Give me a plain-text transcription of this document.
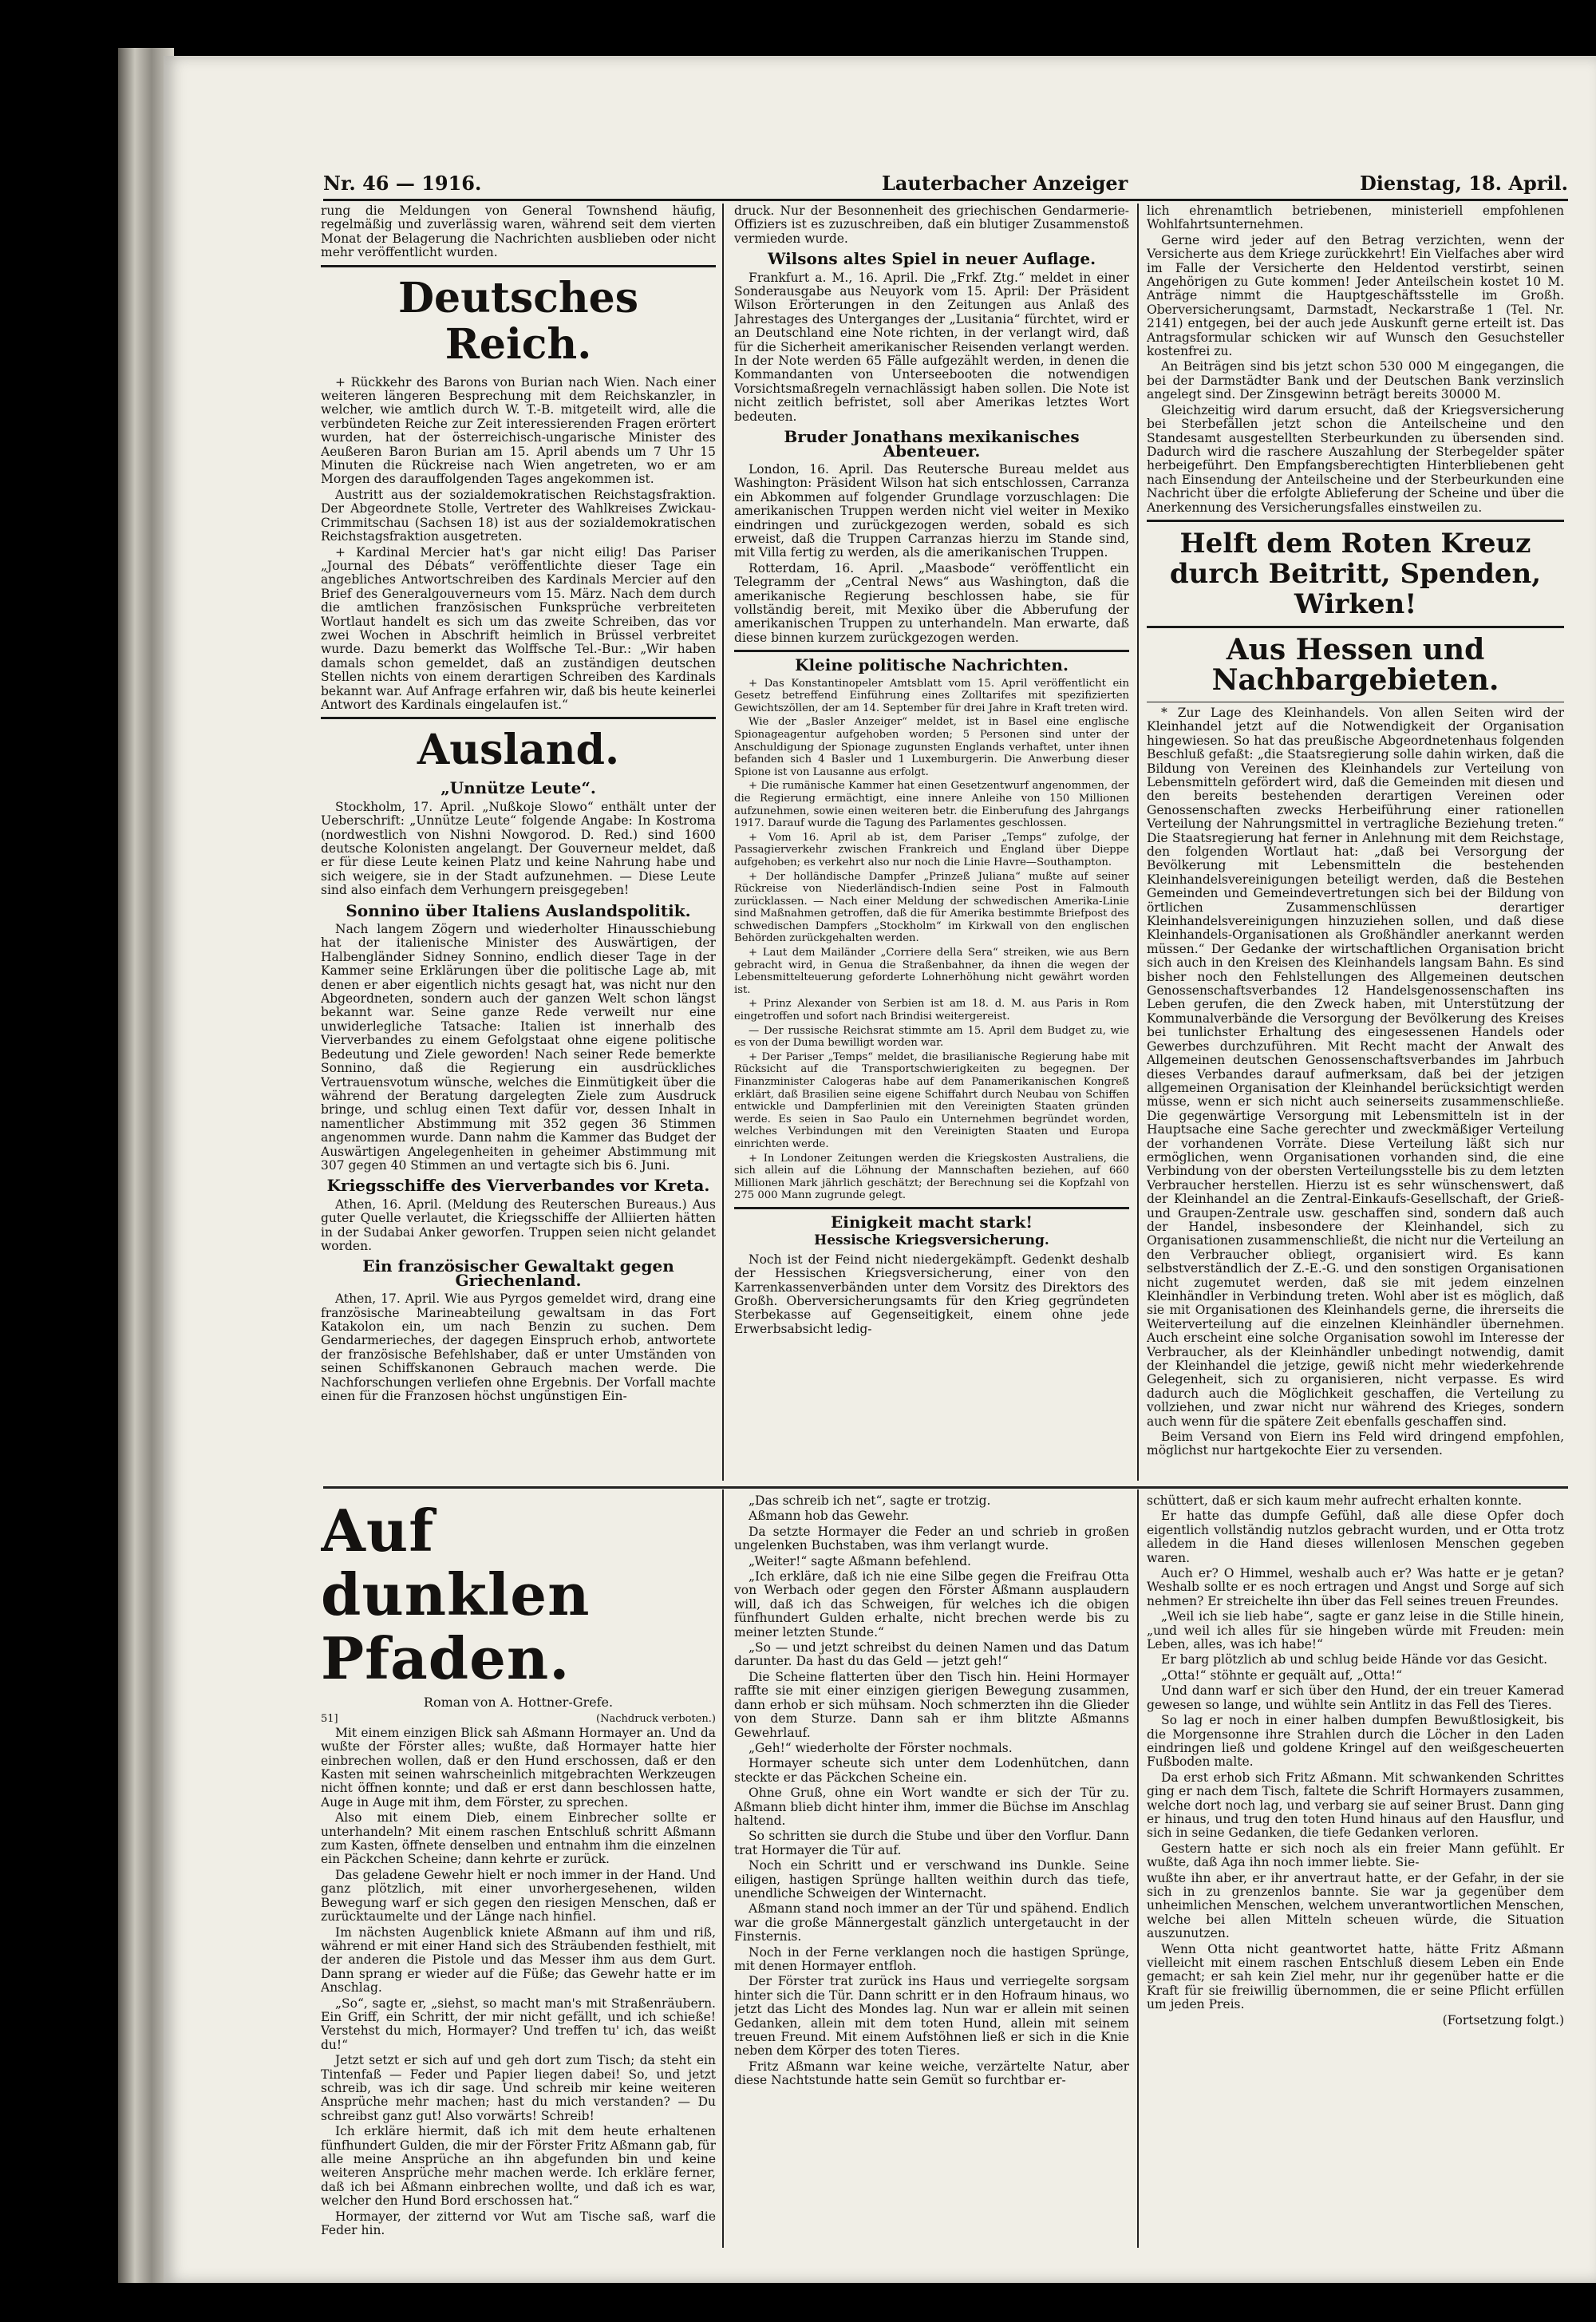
Nr. 46 — 1916.	Lauterbacher Anzeiger	Dienstag, 18. April.

rung die Meldungen von General Townshend häufig, regelmäßig und zuverlässig waren, während seit dem vierten Monat der Belagerung die Nachrichten ausblieben oder nicht mehr veröffentlicht wurden.

Deutsches Reich.

+ Rückkehr des Barons von Burian nach Wien. Nach einer weiteren längeren Besprechung mit dem Reichskanzler, in welcher, wie amtlich durch W. T.-B. mitgeteilt wird, alle die verbündeten Reiche zur Zeit interessierenden Fragen erörtert wurden, hat der österreichisch-ungarische Minister des Aeußeren Baron Burian am 15. April abends um 7 Uhr 15 Minuten die Rückreise nach Wien angetreten, wo er am Morgen des darauffolgenden Tages angekommen ist.

Austritt aus der sozialdemokratischen Reichstagsfraktion. Der Abgeordnete Stolle, Vertreter des Wahlkreises Zwickau-Crimmitschau (Sachsen 18) ist aus der sozialdemokratischen Reichstagsfraktion ausgetreten.

+ Kardinal Mercier hat's gar nicht eilig! Das Pariser „Journal des Débats“ veröffentlichte dieser Tage ein angebliches Antwortschreiben des Kardinals Mercier auf den Brief des Generalgouverneurs vom 15. März. Nach dem durch die amtlichen französischen Funksprüche verbreiteten Wortlaut handelt es sich um das zweite Schreiben, das vor zwei Wochen in Abschrift heimlich in Brüssel verbreitet wurde. Dazu bemerkt das Wolffsche Tel.-Bur.: „Wir haben damals schon gemeldet, daß an zuständigen deutschen Stellen nichts von einem derartigen Schreiben des Kardinals bekannt war. Auf Anfrage erfahren wir, daß bis heute keinerlei Antwort des Kardinals eingelaufen ist.“

Ausland.
„Unnütze Leute“.

Stockholm, 17. April. „Nußkoje Slowo“ enthält unter der Ueberschrift: „Unnütze Leute“ folgende Angabe: In Kostroma (nordwestlich von Nishni Nowgorod. D. Red.) sind 1600 deutsche Kolonisten angelangt. Der Gouverneur meldet, daß er für diese Leute keinen Platz und keine Nahrung habe und sich weigere, sie in der Stadt aufzunehmen. — Diese Leute sind also einfach dem Verhungern preisgegeben!

Sonnino über Italiens Auslandspolitik.

Nach langem Zögern und wiederholter Hinausschiebung hat der italienische Minister des Auswärtigen, der Halbengländer Sidney Sonnino, endlich dieser Tage in der Kammer seine Erklärungen über die politische Lage ab, mit denen er aber eigentlich nichts gesagt hat, was nicht nur den Abgeordneten, sondern auch der ganzen Welt schon längst bekannt war. Seine ganze Rede verweilt nur eine unwiderlegliche Tatsache: Italien ist innerhalb des Vierverbandes zu einem Gefolgstaat ohne eigene politische Bedeutung und Ziele geworden! Nach seiner Rede bemerkte Sonnino, daß die Regierung ein ausdrückliches Vertrauensvotum wünsche, welches die Einmütigkeit über die während der Beratung dargelegten Ziele zum Ausdruck bringe, und schlug einen Text dafür vor, dessen Inhalt in namentlicher Abstimmung mit 352 gegen 36 Stimmen angenommen wurde. Dann nahm die Kammer das Budget der Auswärtigen Angelegenheiten in geheimer Abstimmung mit 307 gegen 40 Stimmen an und vertagte sich bis 6. Juni.

Kriegsschiffe des Vierverbandes vor Kreta.

Athen, 16. April. (Meldung des Reuterschen Bureaus.) Aus guter Quelle verlautet, die Kriegsschiffe der Alliierten hätten in der Sudabai Anker geworfen. Truppen seien nicht gelandet worden.

Ein französischer Gewaltakt gegen Griechenland.

Athen, 17. April. Wie aus Pyrgos gemeldet wird, drang eine französische Marineabteilung gewaltsam in das Fort Katakolon ein, um nach Benzin zu suchen. Dem Gendarmerieches, der dagegen Einspruch erhob, antwortete der französische Befehlshaber, daß er unter Umständen von seinen Schiffskanonen Gebrauch machen werde. Die Nachforschungen verliefen ohne Ergebnis. Der Vorfall machte einen für die Franzosen höchst ungünstigen Ein-

druck. Nur der Besonnenheit des griechischen Gendarmerie-Offiziers ist es zuzuschreiben, daß ein blutiger Zusammenstoß vermieden wurde.

Wilsons altes Spiel in neuer Auflage.

Frankfurt a. M., 16. April. Die „Frkf. Ztg.“ meldet in einer Sonderausgabe aus Neuyork vom 15. April: Der Präsident Wilson Erörterungen in den Zeitungen aus Anlaß des Jahrestages des Unterganges der „Lusitania“ fürchtet, wird er an Deutschland eine Note richten, in der verlangt wird, daß für die Sicherheit amerikanischer Reisenden verlangt werden. In der Note werden 65 Fälle aufgezählt werden, in denen die Kommandanten von Unterseebooten die notwendigen Vorsichtsmaßregeln vernachlässigt haben sollen. Die Note ist nicht zeitlich befristet, soll aber Amerikas letztes Wort bedeuten.

Bruder Jonathans mexikanisches Abenteuer.

London, 16. April. Das Reutersche Bureau meldet aus Washington: Präsident Wilson hat sich entschlossen, Carranza ein Abkommen auf folgender Grundlage vorzuschlagen: Die amerikanischen Truppen werden nicht viel weiter in Mexiko eindringen und zurückgezogen werden, sobald es sich erweist, daß die Truppen Carranzas hierzu im Stande sind, mit Villa fertig zu werden, als die amerikanischen Truppen.

Rotterdam, 16. April. „Maasbode“ veröffentlicht ein Telegramm der „Central News“ aus Washington, daß die amerikanische Regierung beschlossen habe, sie für vollständig bereit, mit Mexiko über die Abberufung der amerikanischen Truppen zu unterhandeln. Man erwarte, daß diese binnen kurzem zurückgezogen werden.

Kleine politische Nachrichten.

+ Das Konstantinopeler Amtsblatt vom 15. April veröffentlicht ein Gesetz betreffend Einführung eines Zolltarifes mit spezifizierten Gewichtszöllen, der am 14. September für drei Jahre in Kraft treten wird.

Wie der „Basler Anzeiger“ meldet, ist in Basel eine englische Spionageagentur aufgehoben worden; 5 Personen sind unter der Anschuldigung der Spionage zugunsten Englands verhaftet, unter ihnen befanden sich 4 Basler und 1 Luxemburgerin. Die Anwerbung dieser Spione ist von Lausanne aus erfolgt.

+ Die rumänische Kammer hat einen Gesetzentwurf angenommen, der die Regierung ermächtigt, eine innere Anleihe von 150 Millionen aufzunehmen, sowie einen weiteren betr. die Einberufung des Jahrgangs 1917. Darauf wurde die Tagung des Parlamentes geschlossen.

+ Vom 16. April ab ist, dem Pariser „Temps“ zufolge, der Passagierverkehr zwischen Frankreich und England über Dieppe aufgehoben; es verkehrt also nur noch die Linie Havre—Southampton.

+ Der holländische Dampfer „Prinzeß Juliana“ mußte auf seiner Rückreise von Niederländisch-Indien seine Post in Falmouth zurücklassen. — Nach einer Meldung der schwedischen Amerika-Linie sind Maßnahmen getroffen, daß die für Amerika bestimmte Briefpost des schwedischen Dampfers „Stockholm“ im Kirkwall von den englischen Behörden zurückgehalten werden.

+ Laut dem Mailänder „Corriere della Sera“ streiken, wie aus Bern gebracht wird, in Genua die Straßenbahner, da ihnen die wegen der Lebensmittelteuerung geforderte Lohnerhöhung nicht gewährt worden ist.

+ Prinz Alexander von Serbien ist am 18. d. M. aus Paris in Rom eingetroffen und sofort nach Brindisi weitergereist.

— Der russische Reichsrat stimmte am 15. April dem Budget zu, wie es von der Duma bewilligt worden war.

+ Der Pariser „Temps“ meldet, die brasilianische Regierung habe mit Rücksicht auf die Transportschwierigkeiten zu begegnen. Der Finanzminister Calogeras habe auf dem Panamerikanischen Kongreß erklärt, daß Brasilien seine eigene Schiffahrt durch Neubau von Schiffen entwickle und Dampferlinien mit den Vereinigten Staaten gründen werde. Es seien in Sao Paulo ein Unternehmen begründet worden, welches Verbindungen mit den Vereinigten Staaten und Europa einrichten werde.

+ In Londoner Zeitungen werden die Kriegskosten Australiens, die sich allein auf die Löhnung der Mannschaften beziehen, auf 660 Millionen Mark jährlich geschätzt; der Berechnung sei die Kopfzahl von 275 000 Mann zugrunde gelegt.

Einigkeit macht stark!
Hessische Kriegsversicherung.

Noch ist der Feind nicht niedergekämpft. Gedenkt deshalb der Hessischen Kriegsversicherung, einer von den Karrenkassenverbänden unter dem Vorsitz des Direktors des Großh. Oberversicherungsamts für den Krieg gegründeten Sterbekasse auf Gegenseitigkeit, einem ohne jede Erwerbsabsicht ledig-

lich ehrenamtlich betriebenen, ministeriell empfohlenen Wohlfahrtsunternehmen.

Gerne wird jeder auf den Betrag verzichten, wenn der Versicherte aus dem Kriege zurückkehrt! Ein Vielfaches aber wird im Falle der Versicherte den Heldentod verstirbt, seinen Angehörigen zu Gute kommen! Jeder Anteilschein kostet 10 M. Anträge nimmt die Hauptgeschäftsstelle im Großh. Oberversicherungsamt, Darmstadt, Neckarstraße 1 (Tel. Nr. 2141) entgegen, bei der auch jede Auskunft gerne erteilt ist. Das Antragsformular schicken wir auf Wunsch den Gesuchsteller kostenfrei zu.

An Beiträgen sind bis jetzt schon 530 000 M eingegangen, die bei der Darmstädter Bank und der Deutschen Bank verzinslich angelegt sind. Der Zinsgewinn beträgt bereits 30000 M.

Gleichzeitig wird darum ersucht, daß der Kriegsversicherung bei Sterbefällen jetzt schon die Anteilscheine und den Standesamt ausgestellten Sterbeurkunden zu übersenden sind. Dadurch wird die raschere Auszahlung der Sterbegelder später herbeigeführt. Den Empfangsberechtigten Hinterbliebenen geht nach Einsendung der Anteilscheine und der Sterbeurkunden eine Nachricht über die erfolgte Ablieferung der Scheine und über die Anerkennung des Versicherungsfalles einstweilen zu.

Helft dem Roten Kreuz durch Beitritt, Spenden, Wirken!
Aus Hessen und Nachbargebieten.

* Zur Lage des Kleinhandels. Von allen Seiten wird der Kleinhandel jetzt auf die Notwendigkeit der Organisation hingewiesen. So hat das preußische Abgeordnetenhaus folgenden Beschluß gefaßt: „die Staatsregierung solle dahin wirken, daß die Bildung von Vereinen des Kleinhandels zur Verteilung von Lebensmitteln gefördert wird, daß die Gemeinden mit diesen und den bereits bestehenden derartigen Vereinen oder Genossenschaften zwecks Herbeiführung einer rationellen Verteilung der Nahrungsmittel in vertragliche Beziehung treten.“ Die Staatsregierung hat ferner in Anlehnung mit dem Reichstage, den folgenden Wortlaut hat: „daß bei Versorgung der Bevölkerung mit Lebensmitteln die bestehenden Kleinhandelsvereinigungen beteiligt werden, daß die Bestehen Gemeinden und Gemeindevertretungen sich bei der Bildung von örtlichen Zusammenschlüssen derartiger Kleinhandelsvereinigungen hinzuziehen sollen, und daß diese Kleinhandels-Organisationen als Großhändler anerkannt werden müssen.“ Der Gedanke der wirtschaftlichen Organisation bricht sich auch in den Kreisen des Kleinhandels langsam Bahn. Es sind bisher noch den Fehlstellungen des Allgemeinen deutschen Genossenschaftsverbandes 12 Handelsgenossenschaften ins Leben gerufen, die den Zweck haben, mit Unterstützung der Kommunalverbände die Versorgung der Bevölkerung des Kreises bei tunlichster Erhaltung des eingesessenen Handels oder Gewerbes durchzuführen. Mit Recht macht der Anwalt des Allgemeinen deutschen Genossenschaftsverbandes im Jahrbuch dieses Verbandes darauf aufmerksam, daß bei der jetzigen allgemeinen Organisation der Kleinhandel berücksichtigt werden müsse, wenn er sich nicht auch seinerseits zusammenschließe. Die gegenwärtige Versorgung mit Lebensmitteln ist in der Hauptsache eine Sache gerechter und zweckmäßiger Verteilung der vorhandenen Vorräte. Diese Verteilung läßt sich nur ermöglichen, wenn Organisationen vorhanden sind, die eine Verbindung von der obersten Verteilungsstelle bis zu dem letzten Verbraucher herstellen. Hierzu ist es sehr wünschenswert, daß der Kleinhandel an die Zentral-Einkaufs-Gesellschaft, der Grieß- und Graupen-Zentrale usw. geschaffen sind, sondern daß auch der Handel, insbesondere der Kleinhandel, sich zu Organisationen zusammenschließt, die nicht nur die Verteilung an den Verbraucher obliegt, organisiert wird. Es kann selbstverständlich der Z.-E.-G. und den sonstigen Organisationen nicht zugemutet werden, daß sie mit jedem einzelnen Kleinhändler in Verbindung treten. Wohl aber ist es möglich, daß sie mit Organisationen des Kleinhandels gerne, die ihrerseits die Weiterverteilung auf die einzelnen Kleinhändler übernehmen. Auch erscheint eine solche Organisation sowohl im Interesse der Verbraucher, als der Kleinhändler unbedingt notwendig, damit der Kleinhandel die jetzige, gewiß nicht mehr wiederkehrende Gelegenheit, sich zu organisieren, nicht verpasse. Es wird dadurch auch die Möglichkeit geschaffen, die Verteilung zu vollziehen, und zwar nicht nur während des Krieges, sondern auch wenn für die spätere Zeit ebenfalls geschaffen sind.

Beim Versand von Eiern ins Feld wird dringend empfohlen, möglichst nur hartgekochte Eier zu versenden.

Auf dunklen Pfaden.
Roman von A. Hottner-Grefe.
51]	(Nachdruck verboten.)

Mit einem einzigen Blick sah Aßmann Hormayer an. Und da wußte der Förster alles; wußte, daß Hormayer hatte hier einbrechen wollen, daß er den Hund erschossen, daß er den Kasten mit seinen wahrscheinlich mitgebrachten Werkzeugen nicht öffnen konnte; und daß er erst dann beschlossen hatte, Auge in Auge mit ihm, dem Förster, zu sprechen.

Also mit einem Dieb, einem Einbrecher sollte er unterhandeln? Mit einem raschen Entschluß schritt Aßmann zum Kasten, öffnete denselben und entnahm ihm die einzelnen ein Päckchen Scheine; dann kehrte er zurück.

Das geladene Gewehr hielt er noch immer in der Hand. Und ganz plötzlich, mit einer unvorhergesehenen, wilden Bewegung warf er sich gegen den riesigen Menschen, daß er zurücktaumelte und der Länge nach hinfiel.

Im nächsten Augenblick kniete Aßmann auf ihm und riß, während er mit einer Hand sich des Sträubenden festhielt, mit der anderen die Pistole und das Messer ihm aus dem Gurt. Dann sprang er wieder auf die Füße; das Gewehr hatte er im Anschlag.

„So“, sagte er, „siehst, so macht man's mit Straßenräubern. Ein Griff, ein Schritt, der mir nicht gefällt, und ich schieße! Verstehst du mich, Hormayer? Und treffen tu' ich, das weißt du!“

Jetzt setzt er sich auf und geh dort zum Tisch; da steht ein Tintenfaß — Feder und Papier liegen dabei! So, und jetzt schreib, was ich dir sage. Und schreib mir keine weiteren Ansprüche mehr machen; hast du mich verstanden? — Du schreibst ganz gut! Also vorwärts! Schreib!

Ich erkläre hiermit, daß ich mit dem heute erhaltenen fünfhundert Gulden, die mir der Förster Fritz Aßmann gab, für alle meine Ansprüche an ihn abgefunden bin und keine weiteren Ansprüche mehr machen werde. Ich erkläre ferner, daß ich bei Aßmann einbrechen wollte, und daß ich es war, welcher den Hund Bord erschossen hat.“

Hormayer, der zitternd vor Wut am Tische saß, warf die Feder hin.

„Das schreib ich net“, sagte er trotzig.

Aßmann hob das Gewehr.

Da setzte Hormayer die Feder an und schrieb in großen ungelenken Buchstaben, was ihm verlangt wurde.

„Weiter!“ sagte Aßmann befehlend.

„Ich erkläre, daß ich nie eine Silbe gegen die Freifrau Otta von Werbach oder gegen den Förster Aßmann ausplaudern will, daß ich das Schweigen, für welches ich die obigen fünfhundert Gulden erhalte, nicht brechen werde bis zu meiner letzten Stunde.“

„So — und jetzt schreibst du deinen Namen und das Datum darunter. Da hast du das Geld — jetzt geh!“

Die Scheine flatterten über den Tisch hin. Heini Hormayer raffte sie mit einer einzigen gierigen Bewegung zusammen, dann erhob er sich mühsam. Noch schmerzten ihn die Glieder von dem Sturze. Dann sah er ihm blitzte Aßmanns Gewehrlauf.

„Geh!“ wiederholte der Förster nochmals.

Hormayer scheute sich unter dem Lodenhütchen, dann steckte er das Päckchen Scheine ein.

Ohne Gruß, ohne ein Wort wandte er sich der Tür zu. Aßmann blieb dicht hinter ihm, immer die Büchse im Anschlag haltend.

So schritten sie durch die Stube und über den Vorflur. Dann trat Hormayer die Tür auf.

Noch ein Schritt und er verschwand ins Dunkle. Seine eiligen, hastigen Sprünge hallten weithin durch das tiefe, unendliche Schweigen der Winternacht.

Aßmann stand noch immer an der Tür und spähend. Endlich war die große Männergestalt gänzlich untergetaucht in der Finsternis.

Noch in der Ferne verklangen noch die hastigen Sprünge, mit denen Hormayer entfloh.

Der Förster trat zurück ins Haus und verriegelte sorgsam hinter sich die Tür. Dann schritt er in den Hofraum hinaus, wo jetzt das Licht des Mondes lag. Nun war er allein mit seinen Gedanken, allein mit dem toten Hund, allein mit seinem treuen Freund. Mit einem Aufstöhnen ließ er sich in die Knie neben dem Körper des toten Tieres.

Fritz Aßmann war keine weiche, verzärtelte Natur, aber diese Nachtstunde hatte sein Gemüt so furchtbar er-

schüttert, daß er sich kaum mehr aufrecht erhalten konnte.

Er hatte das dumpfe Gefühl, daß alle diese Opfer doch eigentlich vollständig nutzlos gebracht wurden, und er Otta trotz alledem in die Hand dieses willenlosen Menschen gegeben waren.

Auch er? O Himmel, weshalb auch er? Was hatte er je getan? Weshalb sollte er es noch ertragen und Angst und Sorge auf sich nehmen? Er streichelte ihn über das Fell seines treuen Freundes.

„Weil ich sie lieb habe“, sagte er ganz leise in die Stille hinein, „und weil ich alles für sie hingeben würde mit Freuden: mein Leben, alles, was ich habe!“

Er barg plötzlich ab und schlug beide Hände vor das Gesicht.

„Otta!“ stöhnte er gequält auf, „Otta!“

Und dann warf er sich über den Hund, der ein treuer Kamerad gewesen so lange, und wühlte sein Antlitz in das Fell des Tieres.

So lag er noch in einer halben dumpfen Bewußtlosigkeit, bis die Morgensonne ihre Strahlen durch die Löcher in den Laden eindringen ließ und goldene Kringel auf den weißgescheuerten Fußboden malte.

Da erst erhob sich Fritz Aßmann. Mit schwankenden Schrittes ging er nach dem Tisch, faltete die Schrift Hormayers zusammen, welche dort noch lag, und verbarg sie auf seiner Brust. Dann ging er hinaus, und trug den toten Hund hinaus auf den Hausflur, und sich in seine Gedanken, die tiefe Gedanken verloren.

Gestern hatte er sich noch als ein freier Mann gefühlt. Er wußte, daß Aga ihn noch immer liebte. Sie-

wußte ihn aber, er ihr anvertraut hatte, er der Gefahr, in der sie sich in zu grenzenlos bannte. Sie war ja gegenüber dem unheimlichen Menschen, welchem unverantwortlichen Menschen, welche bei allen Mitteln scheuen würde, die Situation auszunutzen.

Wenn Otta nicht geantwortet hatte, hätte Fritz Aßmann vielleicht mit einem raschen Entschluß diesem Leben ein Ende gemacht; er sah kein Ziel mehr, nur ihr gegenüber hatte er die Kraft für sie freiwillig übernommen, die er seine Pflicht erfüllen um jeden Preis.

(Fortsetzung folgt.)
